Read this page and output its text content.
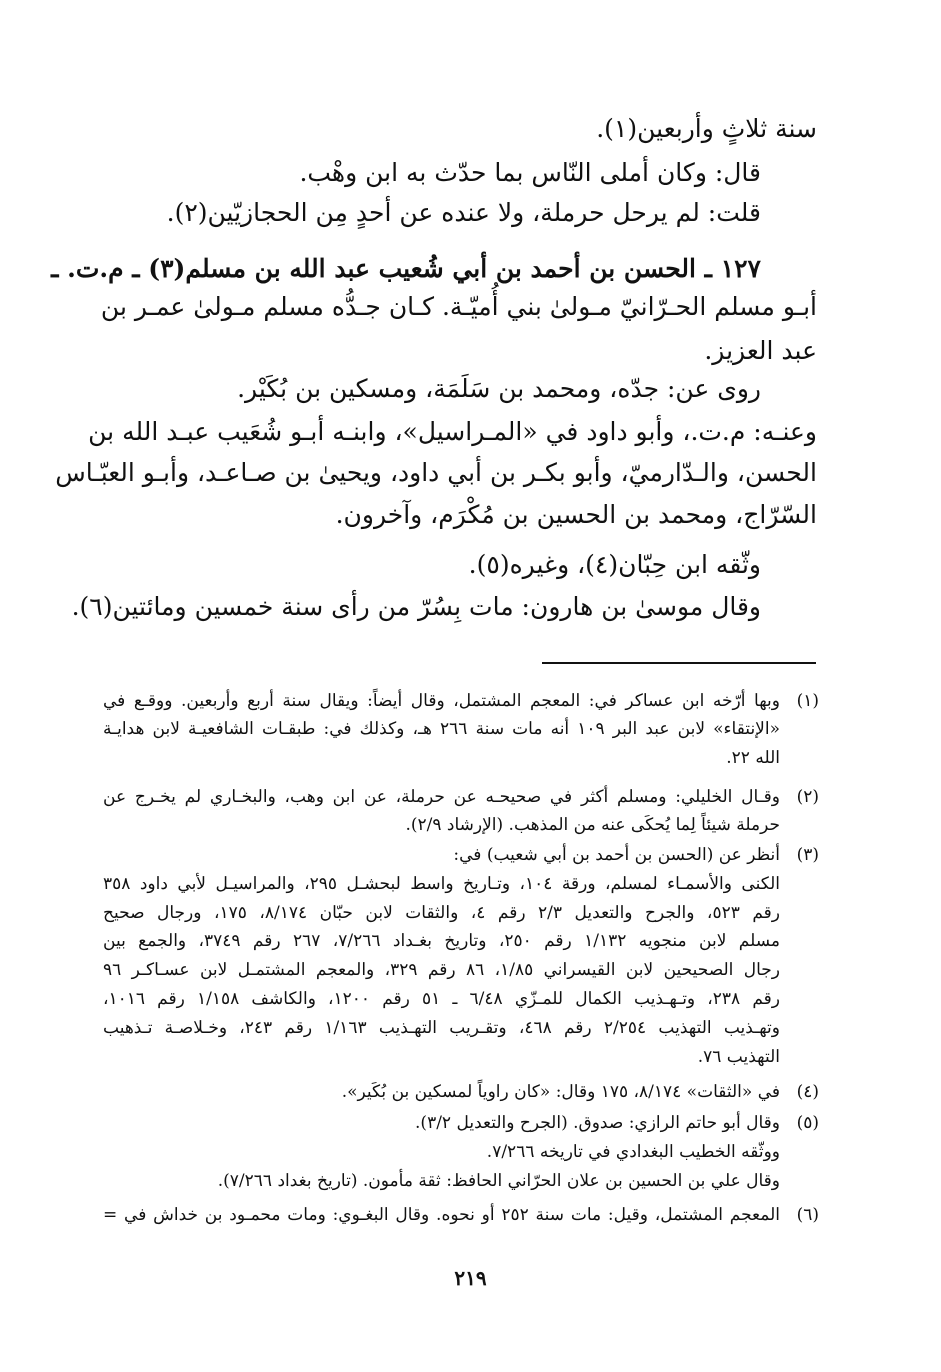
سنة ثلاثٍ وأربعين(١).
قال: وكان أملى النّاس بما حدّث به ابن وهْب.
قلت: لم يرحل حرملة، ولا عنده عن أحدٍ مِن الحجازيّين(٢).
١٢٧ ـ الحسن بن أحمد بن أبي شُعيب عبد الله بن مسلم(٣) ـ م.ت. ـ
أبـو مسلم الحـرّانيّ مـولىٰ بني أُميّـة. كـان جـدُّه مسلم مـولىٰ عمـر بن
عبد العزيز.
روى عن: جدّه، ومحمد بن سَلَمَة، ومسكين بن بُكَيْر.
وعنـه: م.ت.، وأبو داود في «المـراسيل»، وابنـه أبـو شُعَيب عبـد الله بن
الحسن، والـدّارميّ، وأبو بكـر بن أبي داود، ويحيىٰ بن صـاعـد، وأبـو العبّـاس
السّرّاج، ومحمد بن الحسين بن مُكْرَم، وآخرون.
وثّقه ابن حِبّان(٤)، وغيره(٥).
وقال موسىٰ بن هارون: مات بِسُرّ من رأى سنة خمسين ومائتين(٦).
(١)
وبها أرّخه ابن عساكر في: المعجم المشتمل، وقال أيضاً: ويقال سنة أربع وأربعين. ووقـع في
«الإنتقاء» لابن عبد البر ١٠٩ أنه مات سنة ٢٦٦ هـ، وكذلك في: طبقـات الشافعيـة لابن هدايـة
الله ٢٢.
(٢)
وقـال الخليلي: ومسلم أكثر في صحيحـه عن حرملة، عن ابن وهب، والبخـاري لم يخـرج عن
حرملة شيئاً لِما يُحكَى عنه من المذهب. (الإرشاد ٢/٩).
(٣)
أنظر عن (الحسن بن أحمد بن أبي شعيب) في:
الكنى والأسمـاء لمسلم، ورقة ١٠٤، وتـاريخ واسط لبحشـل ٢٩٥، والمراسيـل لأبي داود ٣٥٨
رقم ٥٢٣، والجرح والتعديل ٢/٣ رقم ٤، والثقات لابن حبّان ٨/١٧٤، ١٧٥، ورجال صحيح
مسلم لابن منجويه ١/١٣٢ رقم ٢٥٠، وتاريخ بغـداد ٧/٢٦٦، ٢٦٧ رقم ٣٧٤٩، والجمع بين
رجال الصحيحين لابن القيسراني ١/٨٥، ٨٦ رقم ٣٢٩، والمعجم المشتمـل لابن عسـاكـر ٩٦
رقم ٢٣٨، وتـهـذيب الكمال للمـزّي ٦/٤٨ ـ ٥١ رقم ١٢٠٠، والكاشف ١/١٥٨ رقم ١٠١٦،
وتهـذيب التهذيب ٢/٢٥٤ رقم ٤٦٨، وتقـريب التهـذيب ١/١٦٣ رقم ٢٤٣، وخـلاصـة تـذهيب
التهذيب ٧٦.
(٤)
في «الثقات» ٨/١٧٤، ١٧٥ وقال: «كان راوياً لمسكين بن بُكَير».
(٥)
وقال أبو حاتم الرازي: صدوق. (الجرح والتعديل ٣/٢).
ووثّقه الخطيب البغدادي في تاريخه ٧/٢٦٦.
وقال علي بن الحسين بن علان الحرّاني الحافظ: ثقة مأمون. (تاريخ بغداد ٧/٢٦٦).
(٦)
المعجم المشتمل، وقيل: مات سنة ٢٥٢ أو نحوه. وقال البغـوي: ومات محمـود بن خداش في =
٢١٩
